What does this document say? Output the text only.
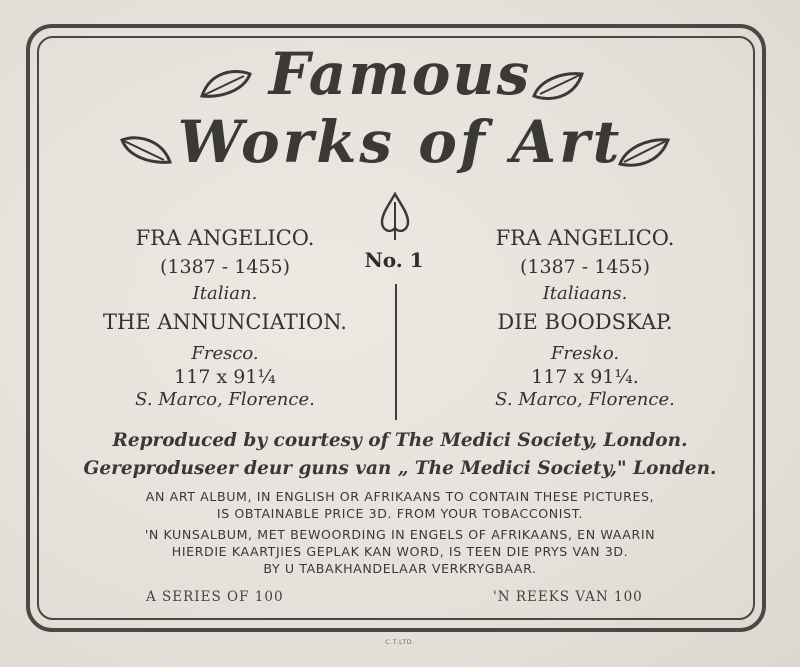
Famous
Works of Art
No. 1
FRA ANGELICO.
(1387 - 1455)
Italian.
THE ANNUNCIATION.
Fresco.
117 x 91¼
S. Marco, Florence.
FRA ANGELICO.
(1387 - 1455)
Italiaans.
DIE BOODSKAP.
Fresko.
117 x 91¼.
S. Marco, Florence.
Reproduced by courtesy of The Medici Society, London.
Gereproduseer deur guns van „ The Medici Society," Londen.
AN ART ALBUM, IN ENGLISH OR AFRIKAANS TO CONTAIN THESE PICTURES,
IS OBTAINABLE PRICE 3D. FROM YOUR TOBACCONIST.
'N KUNSALBUM, MET BEWOORDING IN ENGELS OF AFRIKAANS, EN WAARIN
HIERDIE KAARTJIES GEPLAK KAN WORD, IS TEEN DIE PRYS VAN 3D.
BY U TABAKHANDELAAR VERKRYGBAAR.
A SERIES OF 100	'N REEKS VAN 100
C.T.LTD.
